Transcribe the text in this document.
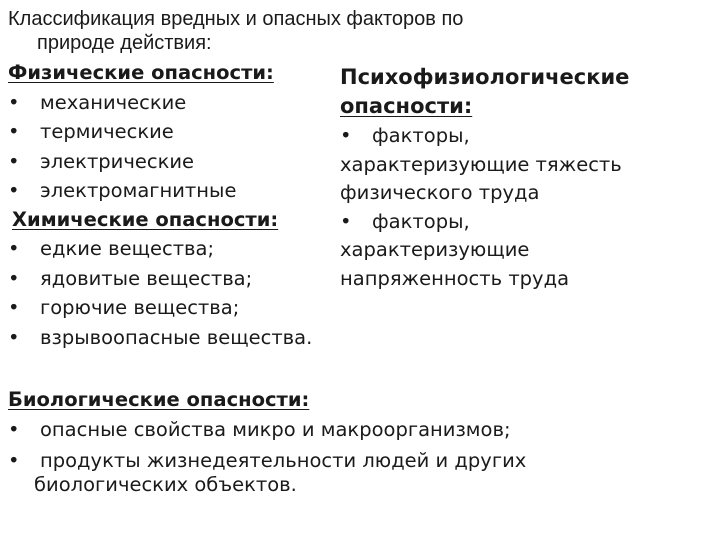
Классификация вредных и опасных факторов по
природе действия:
Физические опасности:
• механические
• термические
• электрические
• электромагнитные
Химические опасности:
• едкие вещества;
• ядовитые вещества;
• горючие вещества;
• взрывоопасные вещества.
Психофизиологические
опасности:
• факторы,
характеризующие тяжесть
физического труда
• факторы,
характеризующие
напряженность труда
Биологические опасности:
• опасные свойства микро и макроорганизмов;
• продукты жизнедеятельности людей и других
биологических объектов.
